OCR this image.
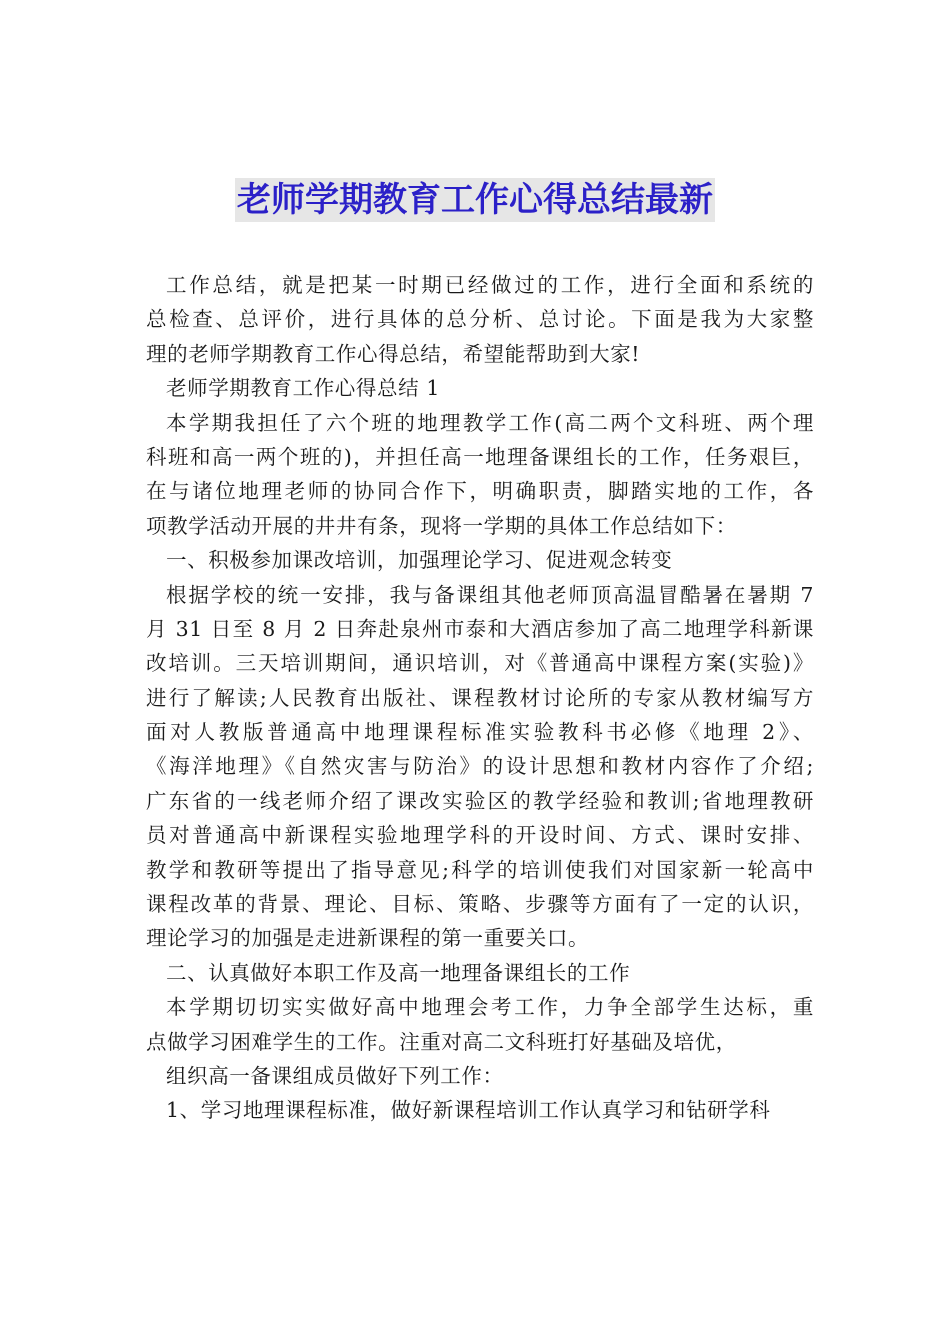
老师学期教育工作心得总结最新
工作总结，就是把某一时期已经做过的工作，进行全面和系统的
总检查、总评价，进行具体的总分析、总讨论。下面是我为大家整
理的老师学期教育工作心得总结，希望能帮助到大家!
老师学期教育工作心得总结 1
本学期我担任了六个班的地理教学工作(高二两个文科班、两个理
科班和高一两个班的)，并担任高一地理备课组长的工作，任务艰巨，
在与诸位地理老师的协同合作下，明确职责，脚踏实地的工作，各
项教学活动开展的井井有条，现将一学期的具体工作总结如下：
一、积极参加课改培训，加强理论学习、促进观念转变
根据学校的统一安排，我与备课组其他老师顶高温冒酷暑在暑期 7
月 31 日至 8 月 2 日奔赴泉州市泰和大酒店参加了高二地理学科新课
改培训。三天培训期间，通识培训，对《普通高中课程方案(实验)》
进行了解读;人民教育出版社、课程教材讨论所的专家从教材编写方
面对人教版普通高中地理课程标准实验教科书必修《地理 2》、
《海洋地理》《自然灾害与防治》的设计思想和教材内容作了介绍;
广东省的一线老师介绍了课改实验区的教学经验和教训;省地理教研
员对普通高中新课程实验地理学科的开设时间、方式、课时安排、
教学和教研等提出了指导意见;科学的培训使我们对国家新一轮高中
课程改革的背景、理论、目标、策略、步骤等方面有了一定的认识，
理论学习的加强是走进新课程的第一重要关口。
二、认真做好本职工作及高一地理备课组长的工作
本学期切切实实做好高中地理会考工作，力争全部学生达标，重
点做学习困难学生的工作。注重对高二文科班打好基础及培优，
组织高一备课组成员做好下列工作：
1、学习地理课程标准，做好新课程培训工作认真学习和钻研学科
